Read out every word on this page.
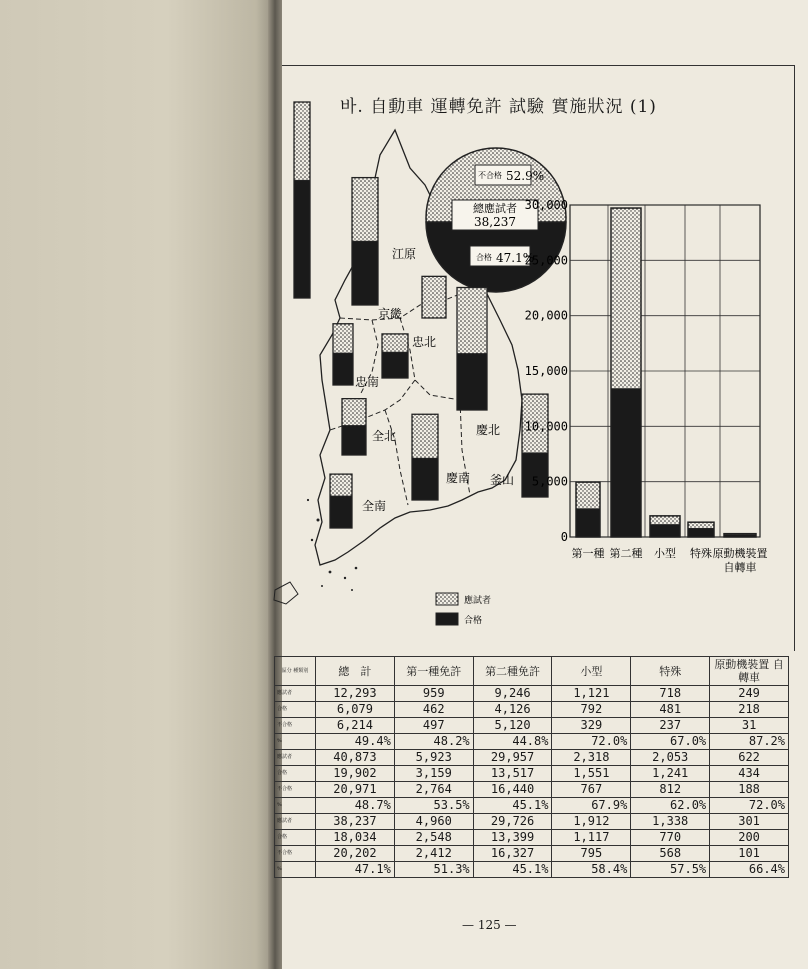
바. 自動車 運轉免許 試驗 實施狀況 (1)
不合格 52.9%
總應試者
38,237
合格 47.1%
江原
京畿
忠北
忠南
全北
全南
慶北
慶南 釜山
0
5,000
10,000
15,000
20,000
25,000
30,000
第一種 第二種 小型 特殊 原動機裝置
自轉車
應試者
合格
區分 種類別	總　計	第一種免許	第二種免許	小型	特殊	原動機裝置 自轉車
應試者	12,293	959	9,246	1,121	718	249
合格	6,079	462	4,126	792	481	218
不合格	6,214	497	5,120	329	237	31
%	49.4%	48.2%	44.8%	72.0%	67.0%	87.2%
應試者	40,873	5,923	29,957	2,318	2,053	622
合格	19,902	3,159	13,517	1,551	1,241	434
不合格	20,971	2,764	16,440	767	812	188
%	48.7%	53.5%	45.1%	67.9%	62.0%	72.0%
應試者	38,237	4,960	29,726	1,912	1,338	301
合格	18,034	2,548	13,399	1,117	770	200
不合格	20,202	2,412	16,327	795	568	101
%	47.1%	51.3%	45.1%	58.4%	57.5%	66.4%
— 125 —
